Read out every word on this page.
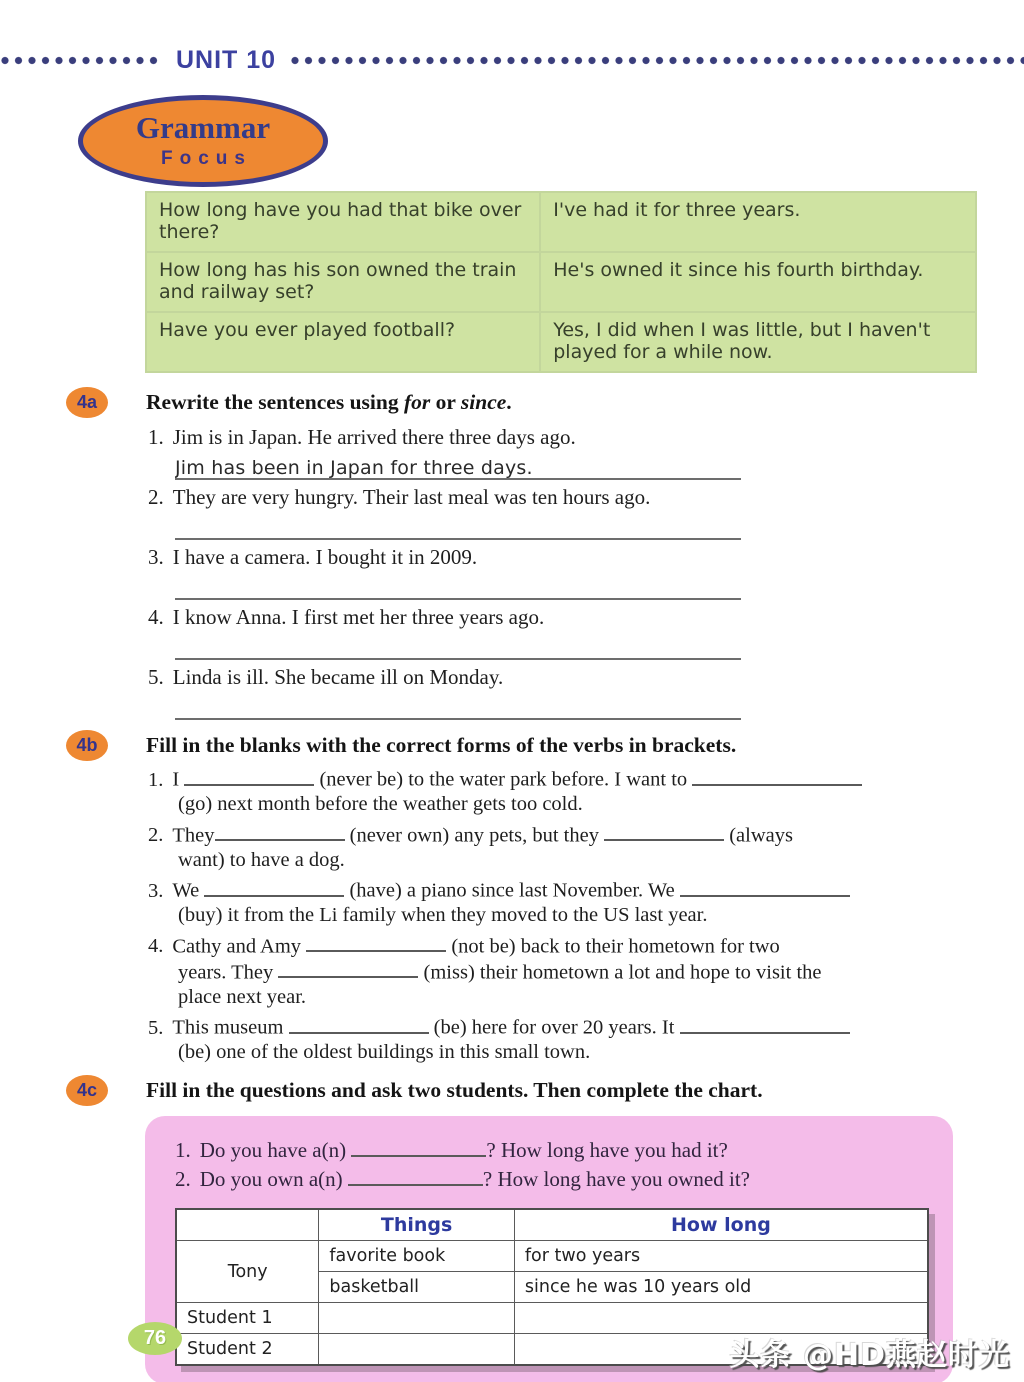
UNIT 10
Grammar
Focus
How long have you had that bike over there?	I've had it for three years.
How long has his son owned the train and railway set?	He's owned it since his fourth birthday.
Have you ever played football?	Yes, I did when I was little, but I haven't played for a while now.
4a	Rewrite the sentences using for or since.
1. Jim is in Japan. He arrived there three days ago.
Jim has been in Japan for three days.
2. They are very hungry. Their last meal was ten hours ago.
3. I have a camera. I bought it in 2009.
4. I know Anna. I first met her three years ago.
5. Linda is ill. She became ill on Monday.
4b	Fill in the blanks with the correct forms of the verbs in brackets.
1. I	(never be) to the water park before. I want to
(go) next month before the weather gets too cold.
2. They	(never own) any pets, but they	(always
want) to have a dog.
3. We	(have) a piano since last November. We
(buy) it from the Li family when they moved to the US last year.
4. Cathy and Amy	(not be) back to their hometown for two
years. They	(miss) their hometown a lot and hope to visit the
place next year.
5. This museum	(be) here for over 20 years. It
(be) one of the oldest buildings in this small town.
4c	Fill in the questions and ask two students. Then complete the chart.
1. Do you have a(n)	? How long have you had it?
2. Do you own a(n)	? How long have you owned it?
	Things	How long
Tony	favorite book	for two years
	basketball	since he was 10 years old
Student 1		
Student 2		
76	头条 @HD燕赵时光
